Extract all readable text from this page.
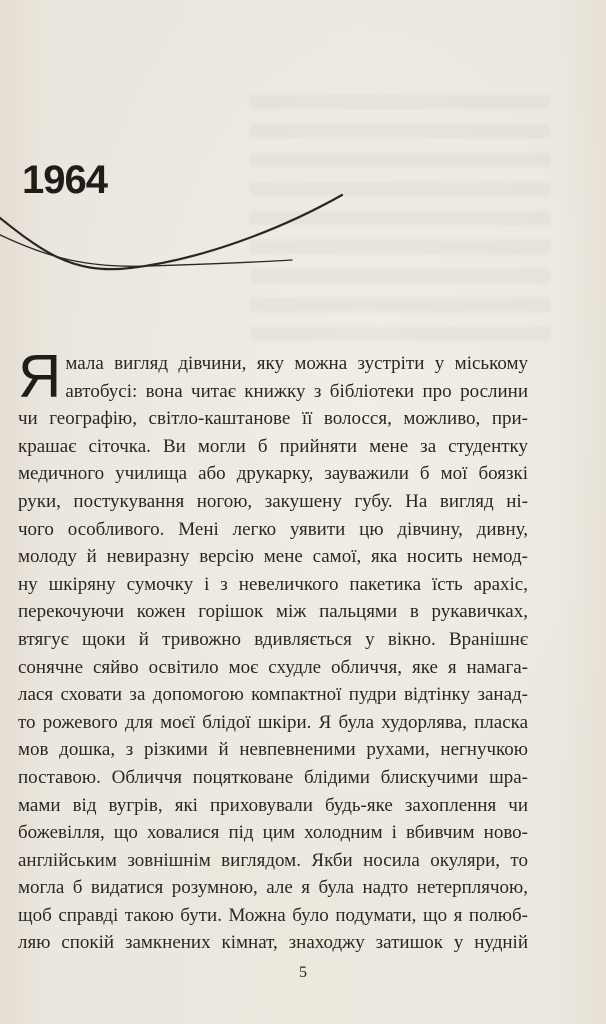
1964
Я мала вигляд дівчини, яку можна зустріти у міському
автобусі: вона читає книжку з бібліотеки про рослини
чи географію, світло-каштанове її волосся, можливо, при-
крашає сіточка. Ви могли б прийняти мене за студентку
медичного училища або друкарку, зауважили б мої боязкі
руки, постукування ногою, закушену губу. На вигляд ні-
чого особливого. Мені легко уявити цю дівчину, дивну,
молоду й невиразну версію мене самої, яка носить немод-
ну шкіряну сумочку і з невеличкого пакетика їсть арахіс,
перекочуючи кожен горішок між пальцями в рукавичках,
втягує щоки й тривожно вдивляється у вікно. Вранішнє
сонячне сяйво освітило моє схудле обличчя, яке я намага-
лася сховати за допомогою компактної пудри відтінку занад-
то рожевого для моєї блідої шкіри. Я була худорлява, пласка
мов дошка, з різкими й невпевненими рухами, негнучкою
поставою. Обличчя поцятковане блідими блискучими шра-
мами від вугрів, які приховували будь-яке захоплення чи
божевілля, що ховалися під цим холодним і вбивчим ново-
англійським зовнішнім виглядом. Якби носила окуляри, то
могла б видатися розумною, але я була надто нетерплячою,
щоб справді такою бути. Можна було подумати, що я полюб-
ляю спокій замкнених кімнат, знаходжу затишок у нудній
5
